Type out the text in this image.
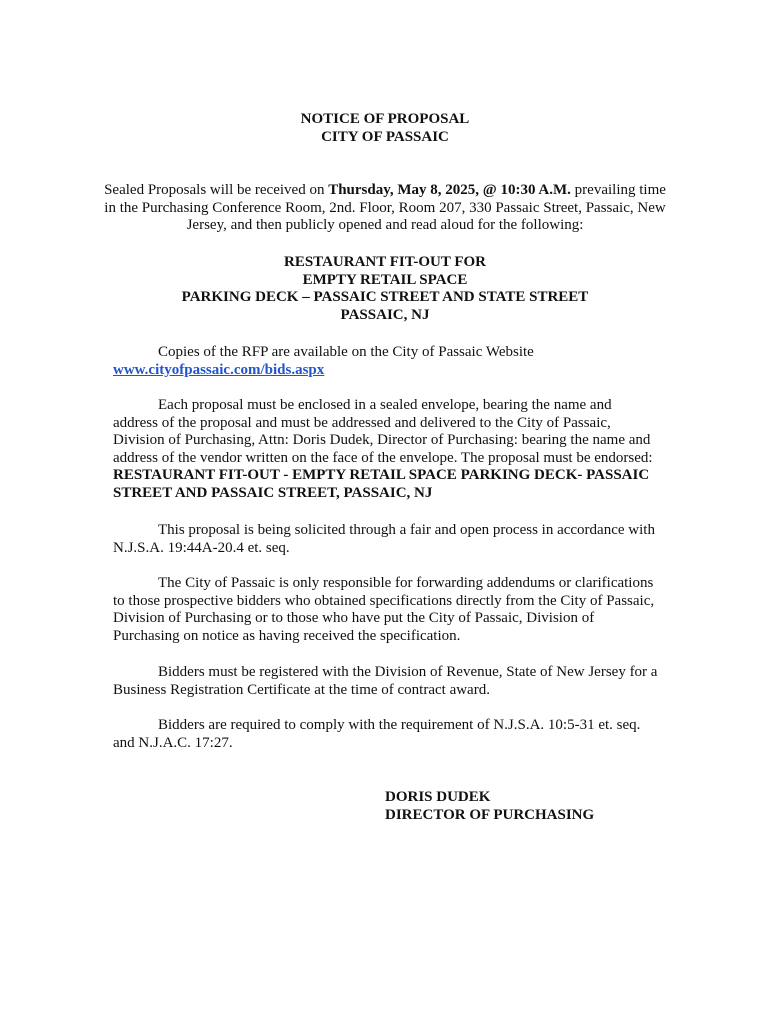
NOTICE OF PROPOSAL
CITY OF PASSAIC
Sealed Proposals will be received on Thursday, May 8, 2025, @ 10:30 A.M. prevailing time in the Purchasing Conference Room, 2nd. Floor, Room 207, 330 Passaic Street, Passaic, New Jersey, and then publicly opened and read aloud for the following:
RESTAURANT FIT-OUT FOR
EMPTY RETAIL SPACE
PARKING DECK – PASSAIC STREET AND STATE STREET
PASSAIC, NJ
Copies of the RFP are available on the City of Passaic Website
www.cityofpassaic.com/bids.aspx
Each proposal must be enclosed in a sealed envelope, bearing the name and address of the proposal and must be addressed and delivered to the City of Passaic, Division of Purchasing, Attn: Doris Dudek, Director of Purchasing: bearing the name and address of the vendor written on the face of the envelope. The proposal must be endorsed: RESTAURANT FIT-OUT - EMPTY RETAIL SPACE PARKING DECK- PASSAIC STREET AND PASSAIC STREET, PASSAIC, NJ
This proposal is being solicited through a fair and open process in accordance with N.J.S.A. 19:44A-20.4 et. seq.
The City of Passaic is only responsible for forwarding addendums or clarifications to those prospective bidders who obtained specifications directly from the City of Passaic, Division of Purchasing or to those who have put the City of Passaic, Division of Purchasing on notice as having received the specification.
Bidders must be registered with the Division of Revenue, State of New Jersey for a Business Registration Certificate at the time of contract award.
Bidders are required to comply with the requirement of N.J.S.A. 10:5-31 et. seq. and N.J.A.C. 17:27.
DORIS DUDEK
DIRECTOR OF PURCHASING
